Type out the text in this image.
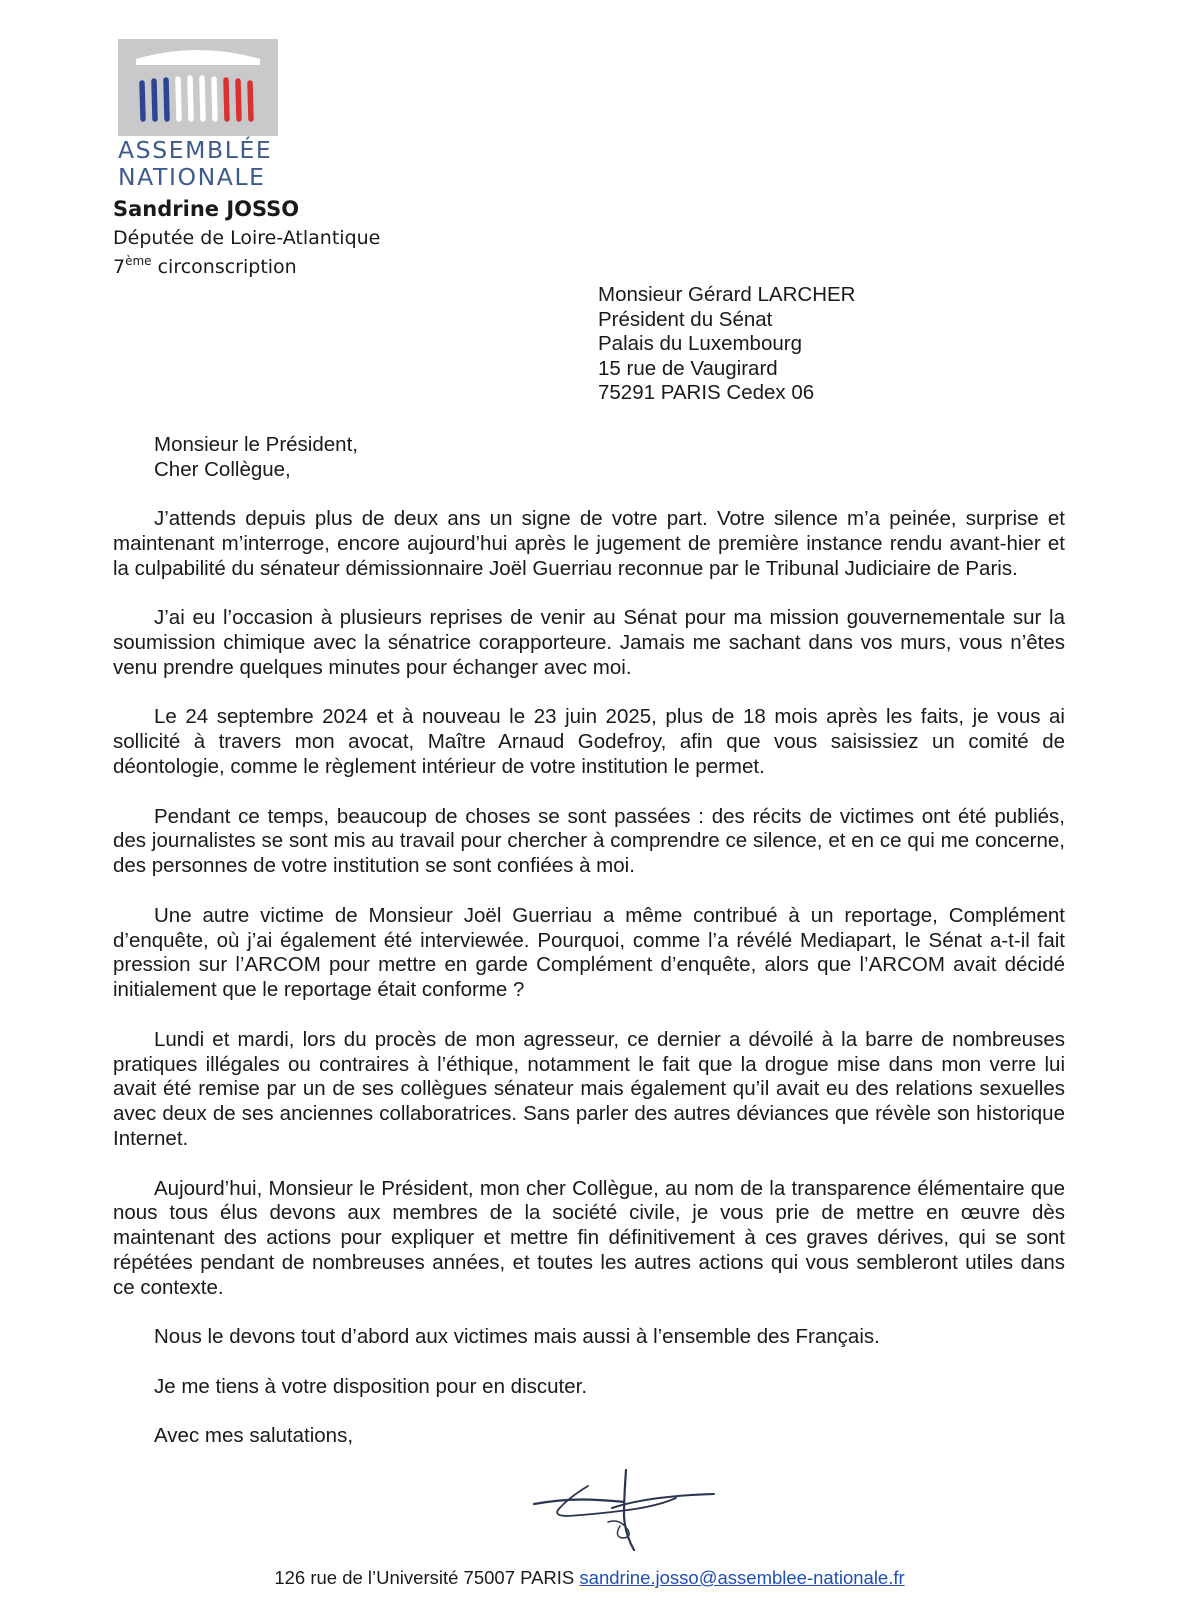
ASSEMBLÉE
NATIONALE
Sandrine JOSSO
Députée de Loire-Atlantique
7ème circonscription
Monsieur Gérard LARCHER
Président du Sénat
Palais du Luxembourg
15 rue de Vaugirard
75291 PARIS Cedex 06
Monsieur le Président,
Cher Collègue,

J’attends depuis plus de deux ans un signe de votre part. Votre silence m’a peinée, surprise et maintenant m’interroge, encore aujourd’hui après le jugement de première instance rendu avant-hier et la culpabilité du sénateur démissionnaire Joël Guerriau reconnue par le Tribunal Judiciaire de Paris.

J’ai eu l’occasion à plusieurs reprises de venir au Sénat pour ma mission gouvernementale sur la soumission chimique avec la sénatrice corapporteure. Jamais me sachant dans vos murs, vous n’êtes venu prendre quelques minutes pour échanger avec moi.

Le 24 septembre 2024 et à nouveau le 23 juin 2025, plus de 18 mois après les faits, je vous ai sollicité à travers mon avocat, Maître Arnaud Godefroy, afin que vous saisissiez un comité de déontologie, comme le règlement intérieur de votre institution le permet.

Pendant ce temps, beaucoup de choses se sont passées : des récits de victimes ont été publiés, des journalistes se sont mis au travail pour chercher à comprendre ce silence, et en ce qui me concerne, des personnes de votre institution se sont confiées à moi.

Une autre victime de Monsieur Joël Guerriau a même contribué à un reportage, Complément d’enquête, où j’ai également été interviewée. Pourquoi, comme l’a révélé Mediapart, le Sénat a-t-il fait pression sur l’ARCOM pour mettre en garde Complément d’enquête, alors que l’ARCOM avait décidé initialement que le reportage était conforme ?

Lundi et mardi, lors du procès de mon agresseur, ce dernier a dévoilé à la barre de nombreuses pratiques illégales ou contraires à l’éthique, notamment le fait que la drogue mise dans mon verre lui avait été remise par un de ses collègues sénateur mais également qu’il avait eu des relations sexuelles avec deux de ses anciennes collaboratrices. Sans parler des autres déviances que révèle son historique Internet.

Aujourd’hui, Monsieur le Président, mon cher Collègue, au nom de la transparence élémentaire que nous tous élus devons aux membres de la société civile, je vous prie de mettre en œuvre dès maintenant des actions pour expliquer et mettre fin définitivement à ces graves dérives, qui se sont répétées pendant de nombreuses années, et toutes les autres actions qui vous sembleront utiles dans ce contexte.

Nous le devons tout d’abord aux victimes mais aussi à l’ensemble des Français.

Je me tiens à votre disposition pour en discuter.

Avec mes salutations,

126 rue de l’Université 75007 PARIS sandrine.josso@assemblee-nationale.fr
